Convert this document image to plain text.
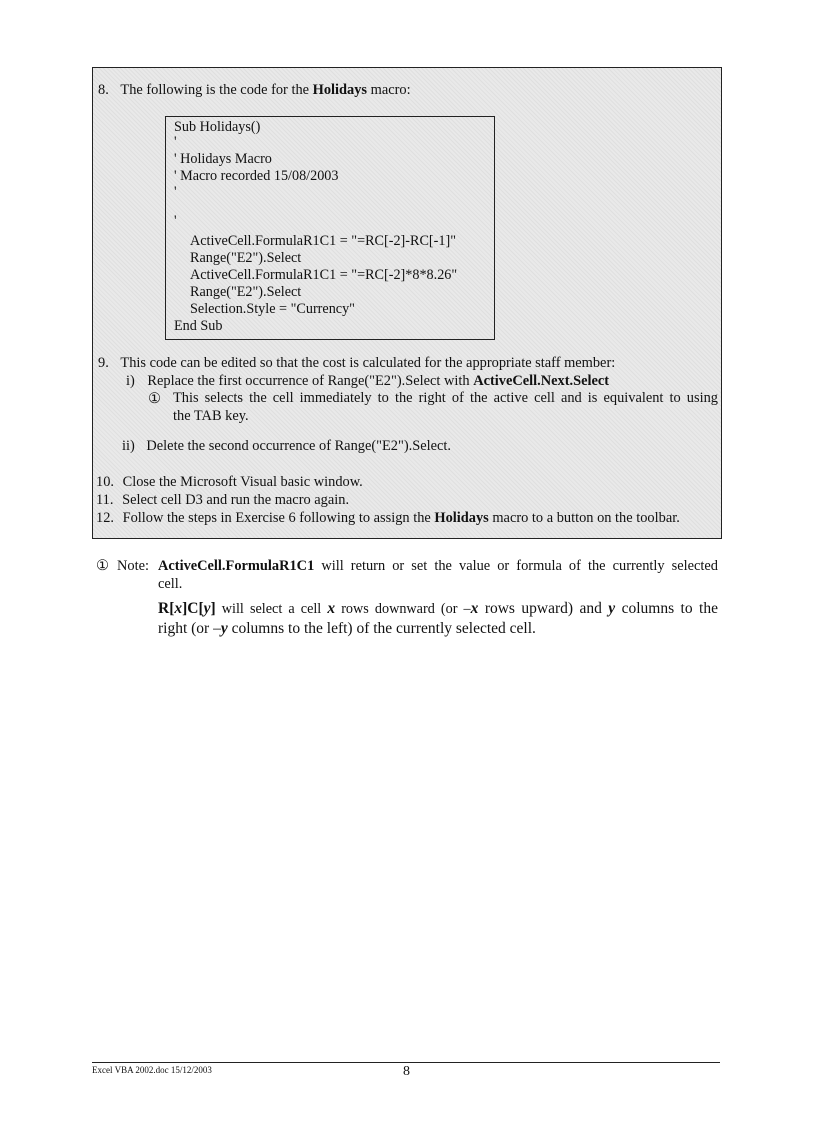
8. The following is the code for the Holidays macro:
Sub Holidays()
'
' Holidays Macro
' Macro recorded 15/08/2003
'
'
ActiveCell.FormulaR1C1 = "=RC[-2]-RC[-1]"
Range("E2").Select
ActiveCell.FormulaR1C1 = "=RC[-2]*8*8.26"
Range("E2").Select
Selection.Style = "Currency"
End Sub
9. This code can be edited so that the cost is calculated for the appropriate staff member:
i) Replace the first occurrence of Range("E2").Select with ActiveCell.Next.Select
① This selects the cell immediately to the right of the active cell and is equivalent to using
the TAB key.
ii) Delete the second occurrence of Range("E2").Select.
10. Close the Microsoft Visual basic window.
11. Select cell D3 and run the macro again.
12. Follow the steps in Exercise 6 following to assign the Holidays macro to a button on the toolbar.
① Note: ActiveCell.FormulaR1C1 will return or set the value or formula of the currently selected
cell.
R[x]C[y] will select a cell x rows downward (or –x rows upward) and y columns to the
right (or –y columns to the left) of the currently selected cell.
Excel VBA 2002.doc 15/12/2003	8
